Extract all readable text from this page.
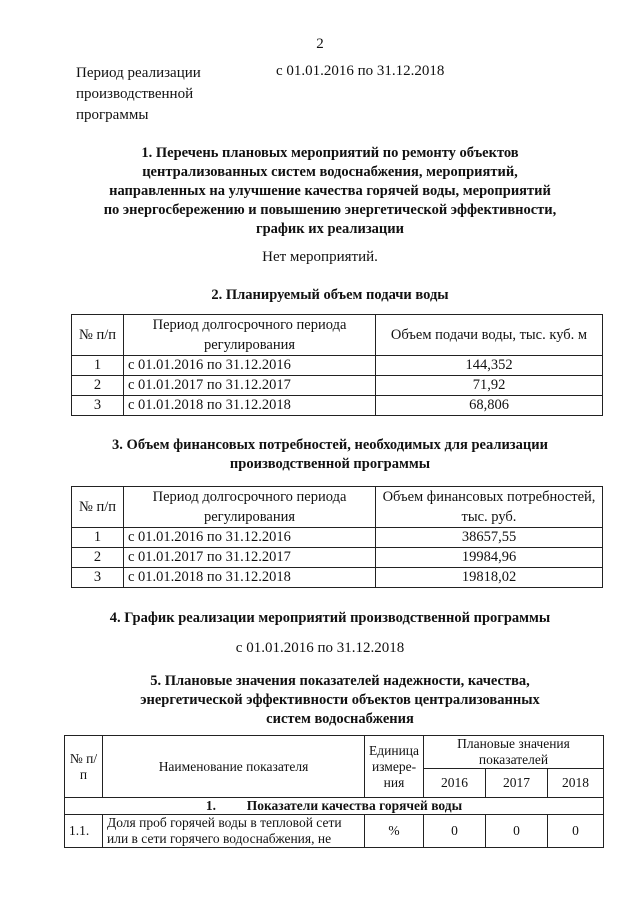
2
Период реализации производственной программы
с 01.01.2016 по 31.12.2018
1. Перечень плановых мероприятий по ремонту объектов централизованных систем водоснабжения, мероприятий, направленных на улучшение качества горячей воды, мероприятий по энергосбережению и повышению энергетической эффективности, график их реализации
Нет мероприятий.
2. Планируемый объем подачи воды
№ п/п	Период долгосрочного периода регулирования	Объем подачи воды, тыс. куб. м
1	с 01.01.2016 по 31.12.2016	144,352
2	с 01.01.2017 по 31.12.2017	71,92
3	с 01.01.2018 по 31.12.2018	68,806
3. Объем финансовых потребностей, необходимых для реализации производственной программы
№ п/п	Период долгосрочного периода регулирования	Объем финансовых потребностей, тыс. руб.
1	с 01.01.2016 по 31.12.2016	38657,55
2	с 01.01.2017 по 31.12.2017	19984,96
3	с 01.01.2018 по 31.12.2018	19818,02
4. График реализации мероприятий производственной программы
с 01.01.2016 по 31.12.2018
5. Плановые значения показателей надежности, качества, энергетической эффективности объектов централизованных систем водоснабжения
№ п/п	Наименование показателя	Единица измере-ния	Плановые значения показателей		
			2016	2017	2018
1. Показатели качества горячей воды					
1.1.	Доля проб горячей воды в тепловой сети или в сети горячего водоснабжения, не	%	0	0	0
